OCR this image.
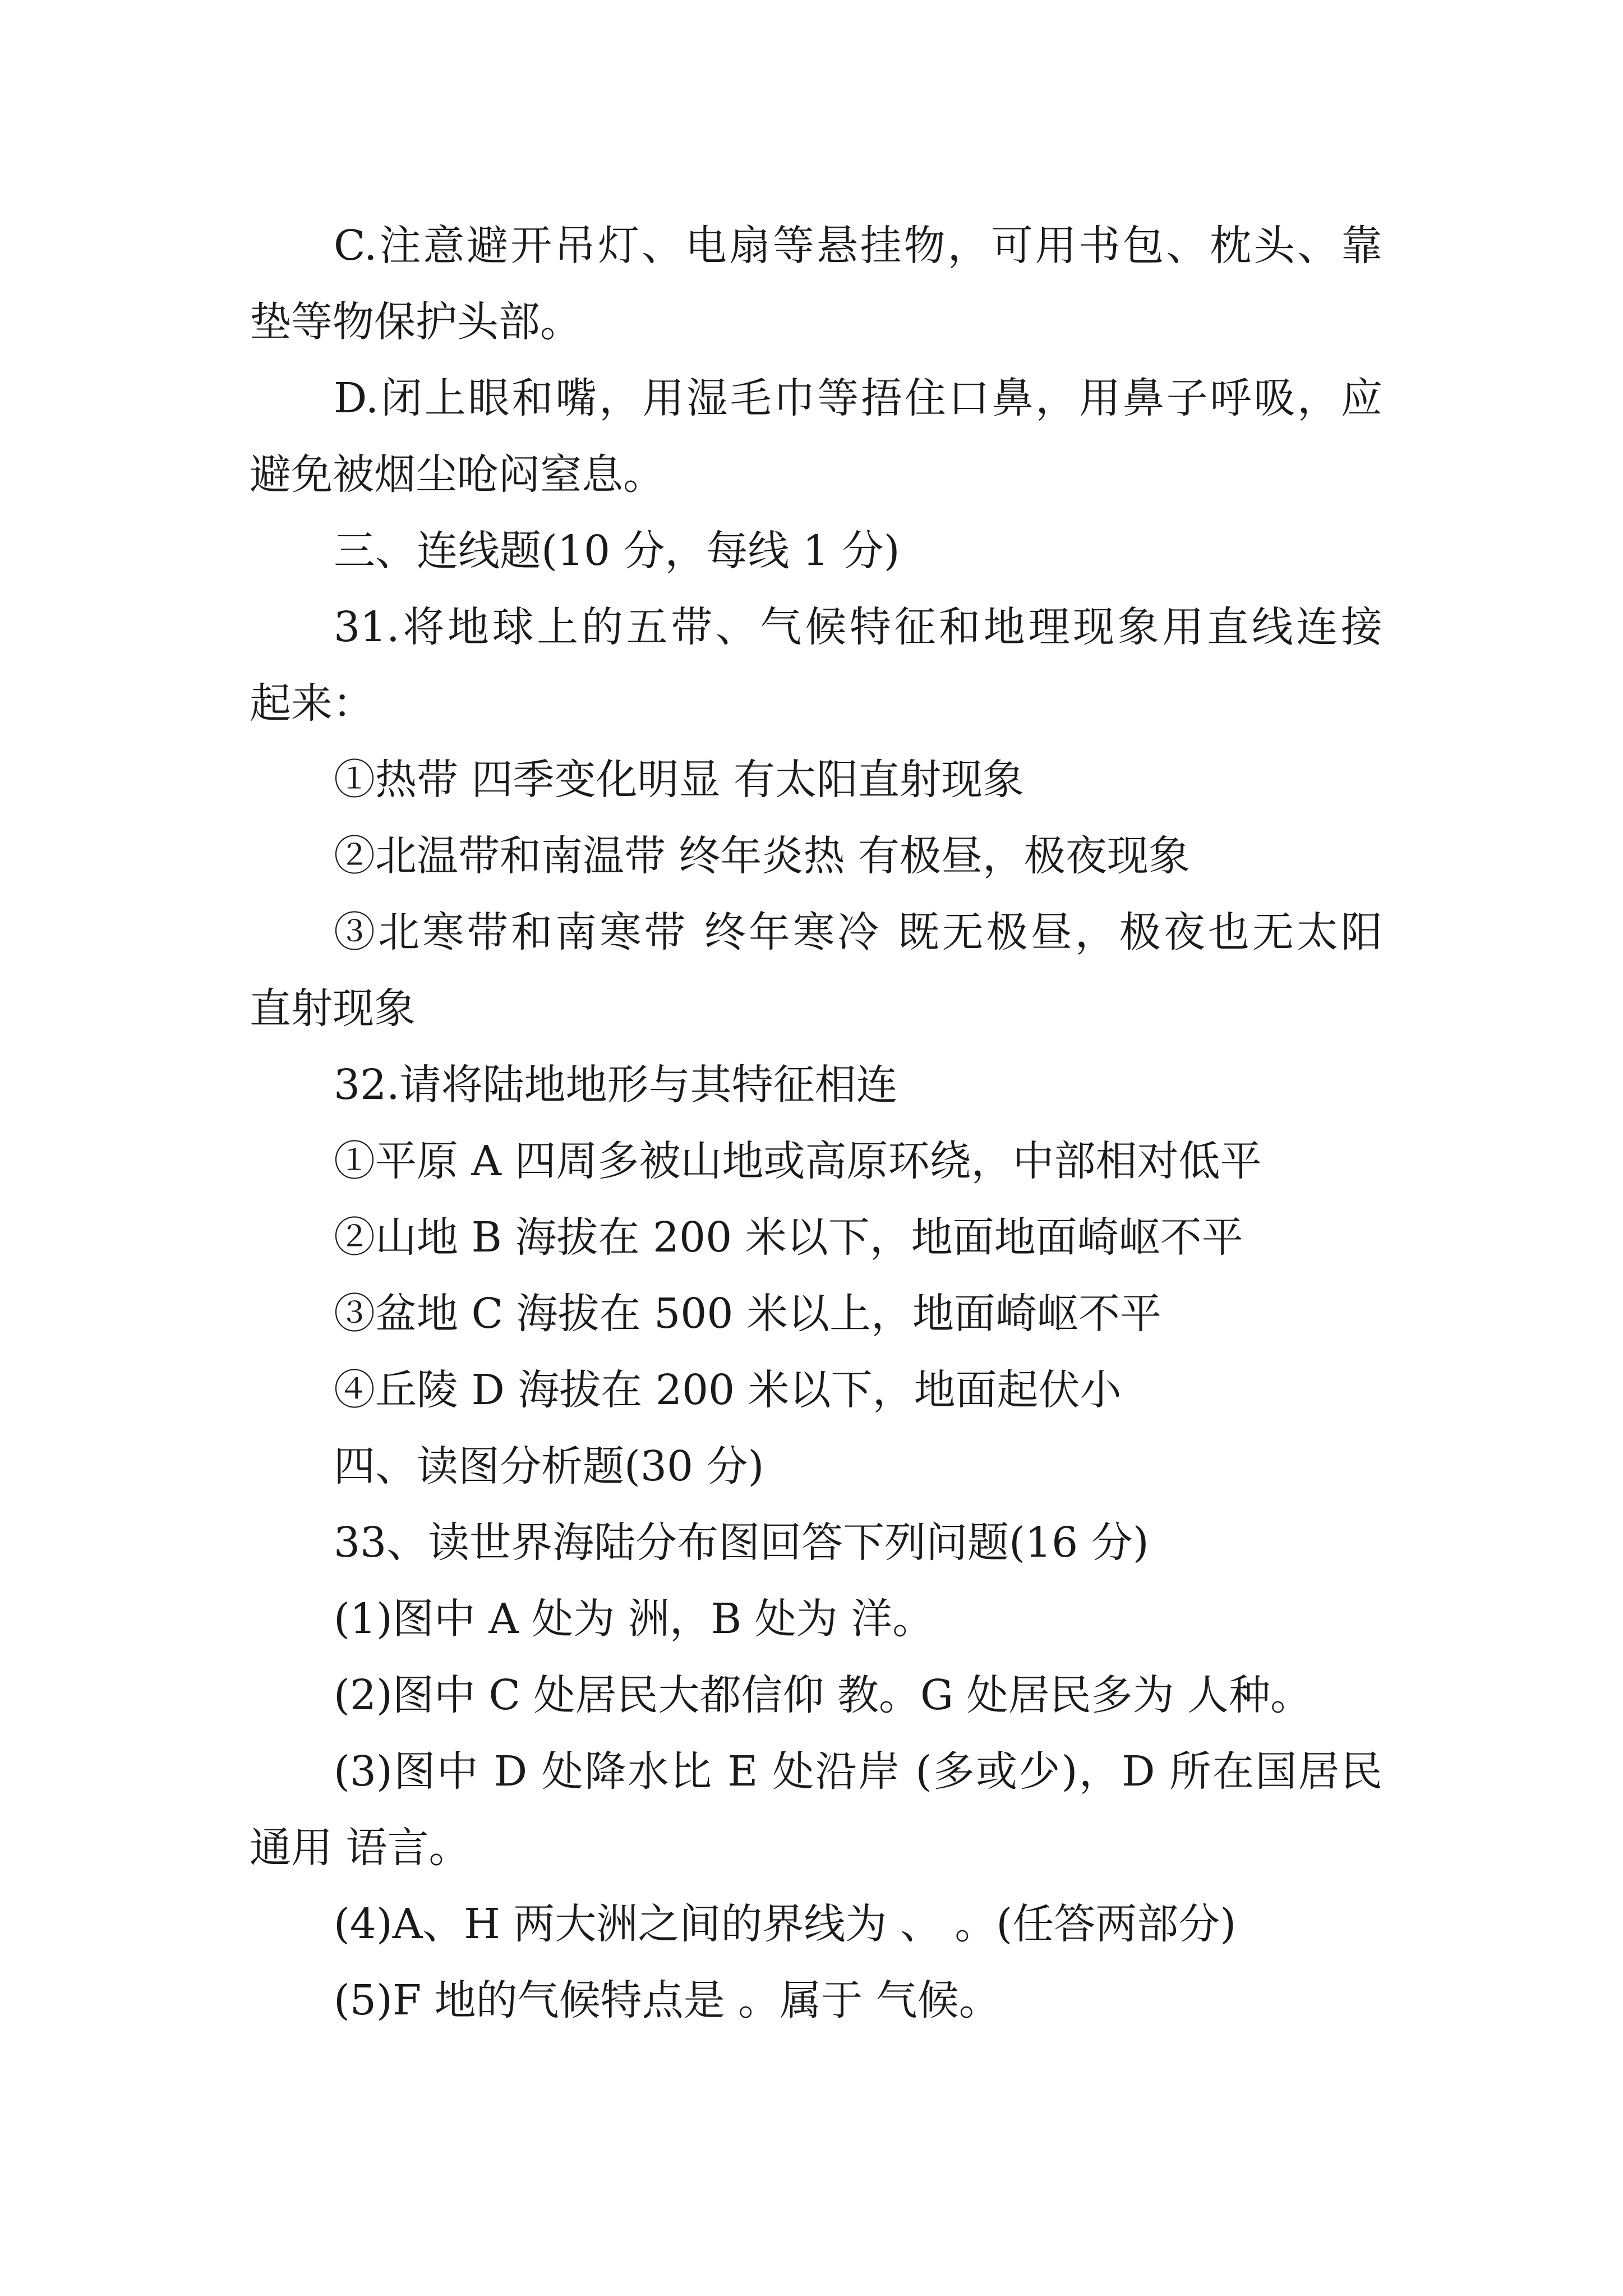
C.注意避开吊灯、电扇等悬挂物，可用书包、枕头、靠
垫等物保护头部。
D.闭上眼和嘴，用湿毛巾等捂住口鼻，用鼻子呼吸，应
避免被烟尘呛闷窒息。
三、连线题(10 分，每线 1 分)
31.将地球上的五带、气候特征和地理现象用直线连接
起来：
①热带 四季变化明显 有太阳直射现象
②北温带和南温带 终年炎热 有极昼，极夜现象
③北寒带和南寒带 终年寒冷 既无极昼，极夜也无太阳
直射现象
32.请将陆地地形与其特征相连
①平原 A 四周多被山地或高原环绕，中部相对低平
②山地 B 海拔在 200 米以下，地面地面崎岖不平
③盆地 C 海拔在 500 米以上，地面崎岖不平
④丘陵 D 海拔在 200 米以下，地面起伏小
四、读图分析题(30 分)
33、读世界海陆分布图回答下列问题(16 分)
(1)图中 A 处为 洲，B 处为 洋。
(2)图中 C 处居民大都信仰 教。G 处居民多为 人种。
(3)图中 D 处降水比 E 处沿岸 (多或少)，D 所在国居民
通用 语言。
(4)A、H 两大洲之间的界线为 、 。(任答两部分)
(5)F 地的气候特点是 。属于 气候。
